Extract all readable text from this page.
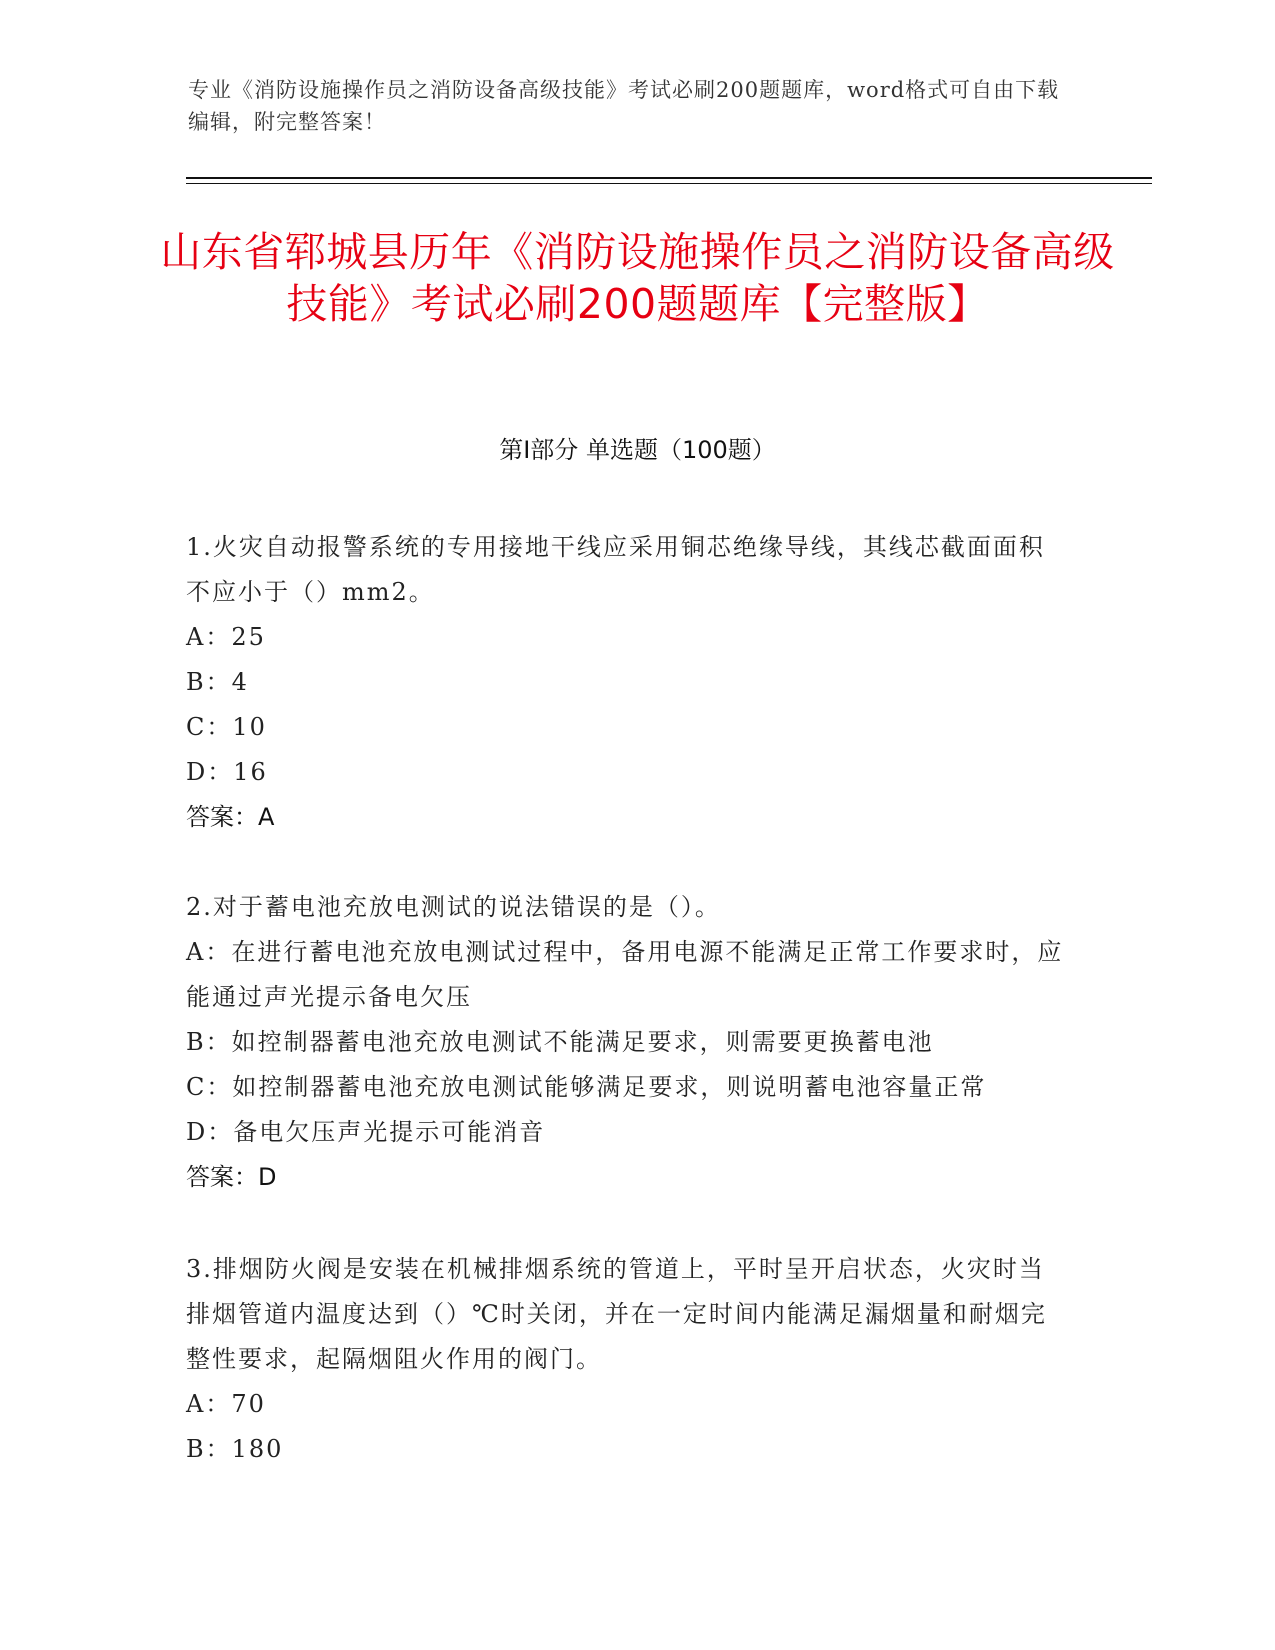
专业《消防设施操作员之消防设备高级技能》考试必刷200题题库，word格式可自由下载编辑，附完整答案！
山东省郓城县历年《消防设施操作员之消防设备高级技能》考试必刷200题题库【完整版】
第I部分 单选题（100题）

1.火灾自动报警系统的专用接地干线应采用铜芯绝缘导线，其线芯截面面积不应小于（）mm2。

A：25

B：4

C：10

D：16

答案：A

2.对于蓄电池充放电测试的说法错误的是（）。

A：在进行蓄电池充放电测试过程中，备用电源不能满足正常工作要求时，应能通过声光提示备电欠压

B：如控制器蓄电池充放电测试不能满足要求，则需要更换蓄电池

C：如控制器蓄电池充放电测试能够满足要求，则说明蓄电池容量正常

D：备电欠压声光提示可能消音

答案：D

3.排烟防火阀是安装在机械排烟系统的管道上，平时呈开启状态，火灾时当排烟管道内温度达到（）℃时关闭，并在一定时间内能满足漏烟量和耐烟完整性要求，起隔烟阻火作用的阀门。

A：70

B：180
